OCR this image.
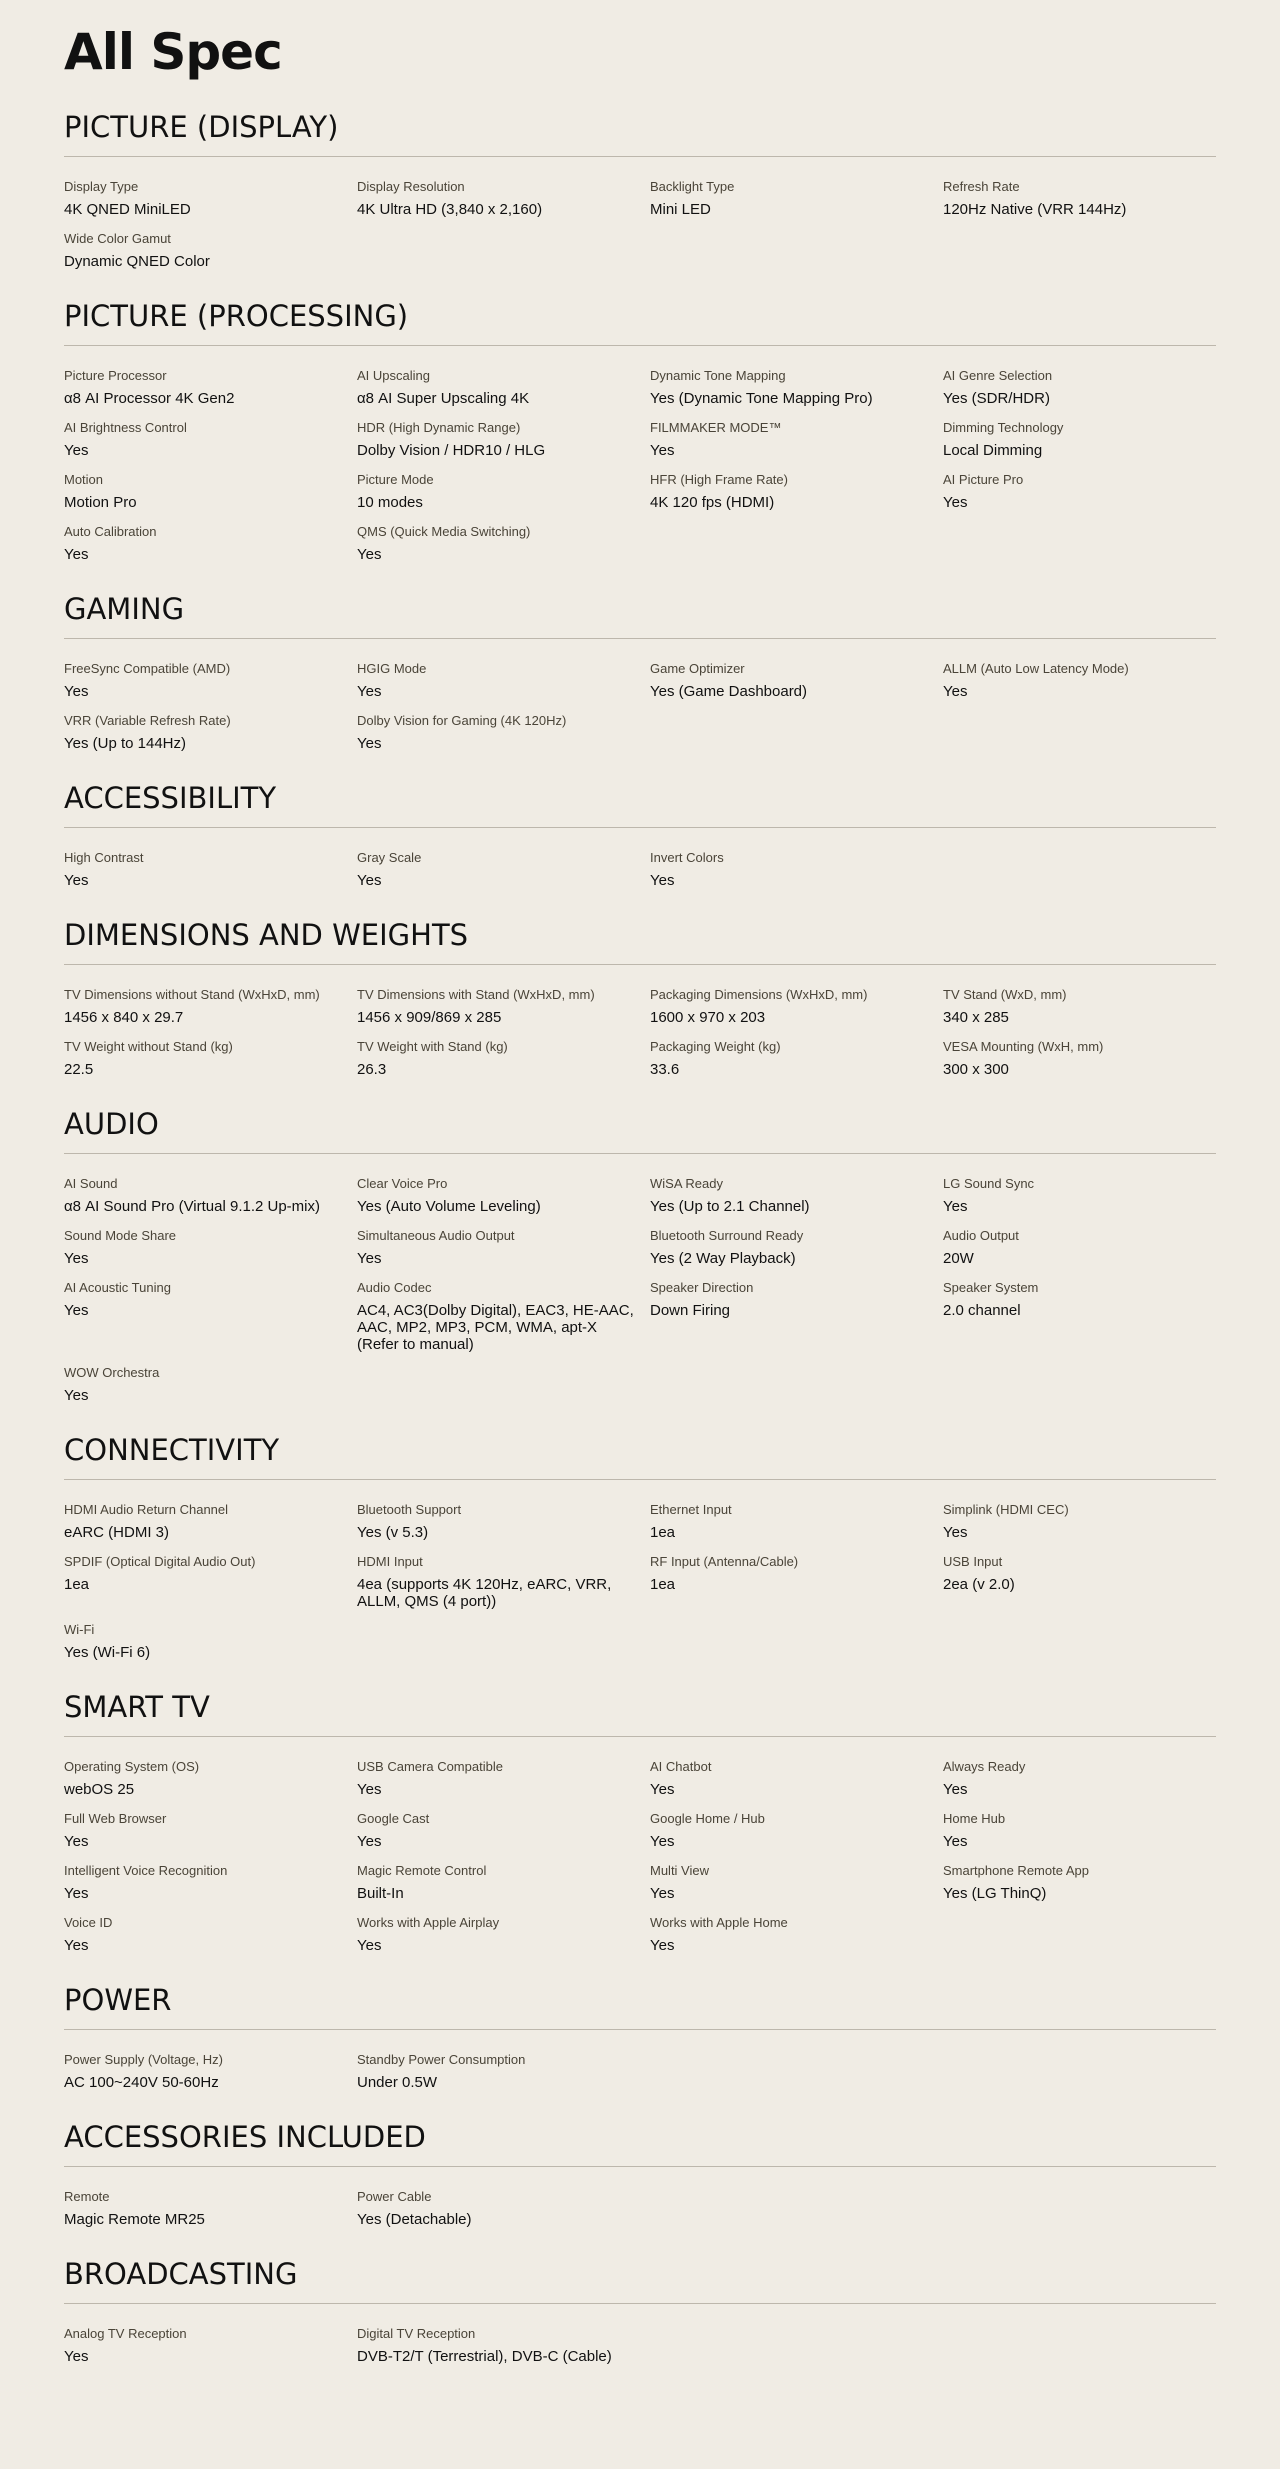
All Spec
PICTURE (DISPLAY)
Display Type
4K QNED MiniLED
Display Resolution
4K Ultra HD (3,840 x 2,160)
Backlight Type
Mini LED
Refresh Rate
120Hz Native (VRR 144Hz)
Wide Color Gamut
Dynamic QNED Color
PICTURE (PROCESSING)
Picture Processor
α8 AI Processor 4K Gen2
AI Upscaling
α8 AI Super Upscaling 4K
Dynamic Tone Mapping
Yes (Dynamic Tone Mapping Pro)
AI Genre Selection
Yes (SDR/HDR)
AI Brightness Control
Yes
HDR (High Dynamic Range)
Dolby Vision / HDR10 / HLG
FILMMAKER MODE™
Yes
Dimming Technology
Local Dimming
Motion
Motion Pro
Picture Mode
10 modes
HFR (High Frame Rate)
4K 120 fps (HDMI)
AI Picture Pro
Yes
Auto Calibration
Yes
QMS (Quick Media Switching)
Yes
GAMING
FreeSync Compatible (AMD)
Yes
HGIG Mode
Yes
Game Optimizer
Yes (Game Dashboard)
ALLM (Auto Low Latency Mode)
Yes
VRR (Variable Refresh Rate)
Yes (Up to 144Hz)
Dolby Vision for Gaming (4K 120Hz)
Yes
ACCESSIBILITY
High Contrast
Yes
Gray Scale
Yes
Invert Colors
Yes
DIMENSIONS AND WEIGHTS
TV Dimensions without Stand (WxHxD, mm)
1456 x 840 x 29.7
TV Dimensions with Stand (WxHxD, mm)
1456 x 909/869 x 285
Packaging Dimensions (WxHxD, mm)
1600 x 970 x 203
TV Stand (WxD, mm)
340 x 285
TV Weight without Stand (kg)
22.5
TV Weight with Stand (kg)
26.3
Packaging Weight (kg)
33.6
VESA Mounting (WxH, mm)
300 x 300
AUDIO
AI Sound
α8 AI Sound Pro (Virtual 9.1.2 Up-mix)
Clear Voice Pro
Yes (Auto Volume Leveling)
WiSA Ready
Yes (Up to 2.1 Channel)
LG Sound Sync
Yes
Sound Mode Share
Yes
Simultaneous Audio Output
Yes
Bluetooth Surround Ready
Yes (2 Way Playback)
Audio Output
20W
AI Acoustic Tuning
Yes
Audio Codec
AC4, AC3(Dolby Digital), EAC3, HE-AAC, AAC, MP2, MP3, PCM, WMA, apt-X (Refer to manual)
Speaker Direction
Down Firing
Speaker System
2.0 channel
WOW Orchestra
Yes
CONNECTIVITY
HDMI Audio Return Channel
eARC (HDMI 3)
Bluetooth Support
Yes (v 5.3)
Ethernet Input
1ea
Simplink (HDMI CEC)
Yes
SPDIF (Optical Digital Audio Out)
1ea
HDMI Input
4ea (supports 4K 120Hz, eARC, VRR, ALLM, QMS (4 port))
RF Input (Antenna/Cable)
1ea
USB Input
2ea (v 2.0)
Wi-Fi
Yes (Wi-Fi 6)
SMART TV
Operating System (OS)
webOS 25
USB Camera Compatible
Yes
AI Chatbot
Yes
Always Ready
Yes
Full Web Browser
Yes
Google Cast
Yes
Google Home / Hub
Yes
Home Hub
Yes
Intelligent Voice Recognition
Yes
Magic Remote Control
Built-In
Multi View
Yes
Smartphone Remote App
Yes (LG ThinQ)
Voice ID
Yes
Works with Apple Airplay
Yes
Works with Apple Home
Yes
POWER
Power Supply (Voltage, Hz)
AC 100~240V 50-60Hz
Standby Power Consumption
Under 0.5W
ACCESSORIES INCLUDED
Remote
Magic Remote MR25
Power Cable
Yes (Detachable)
BROADCASTING
Analog TV Reception
Yes
Digital TV Reception
DVB-T2/T (Terrestrial), DVB-C (Cable)
